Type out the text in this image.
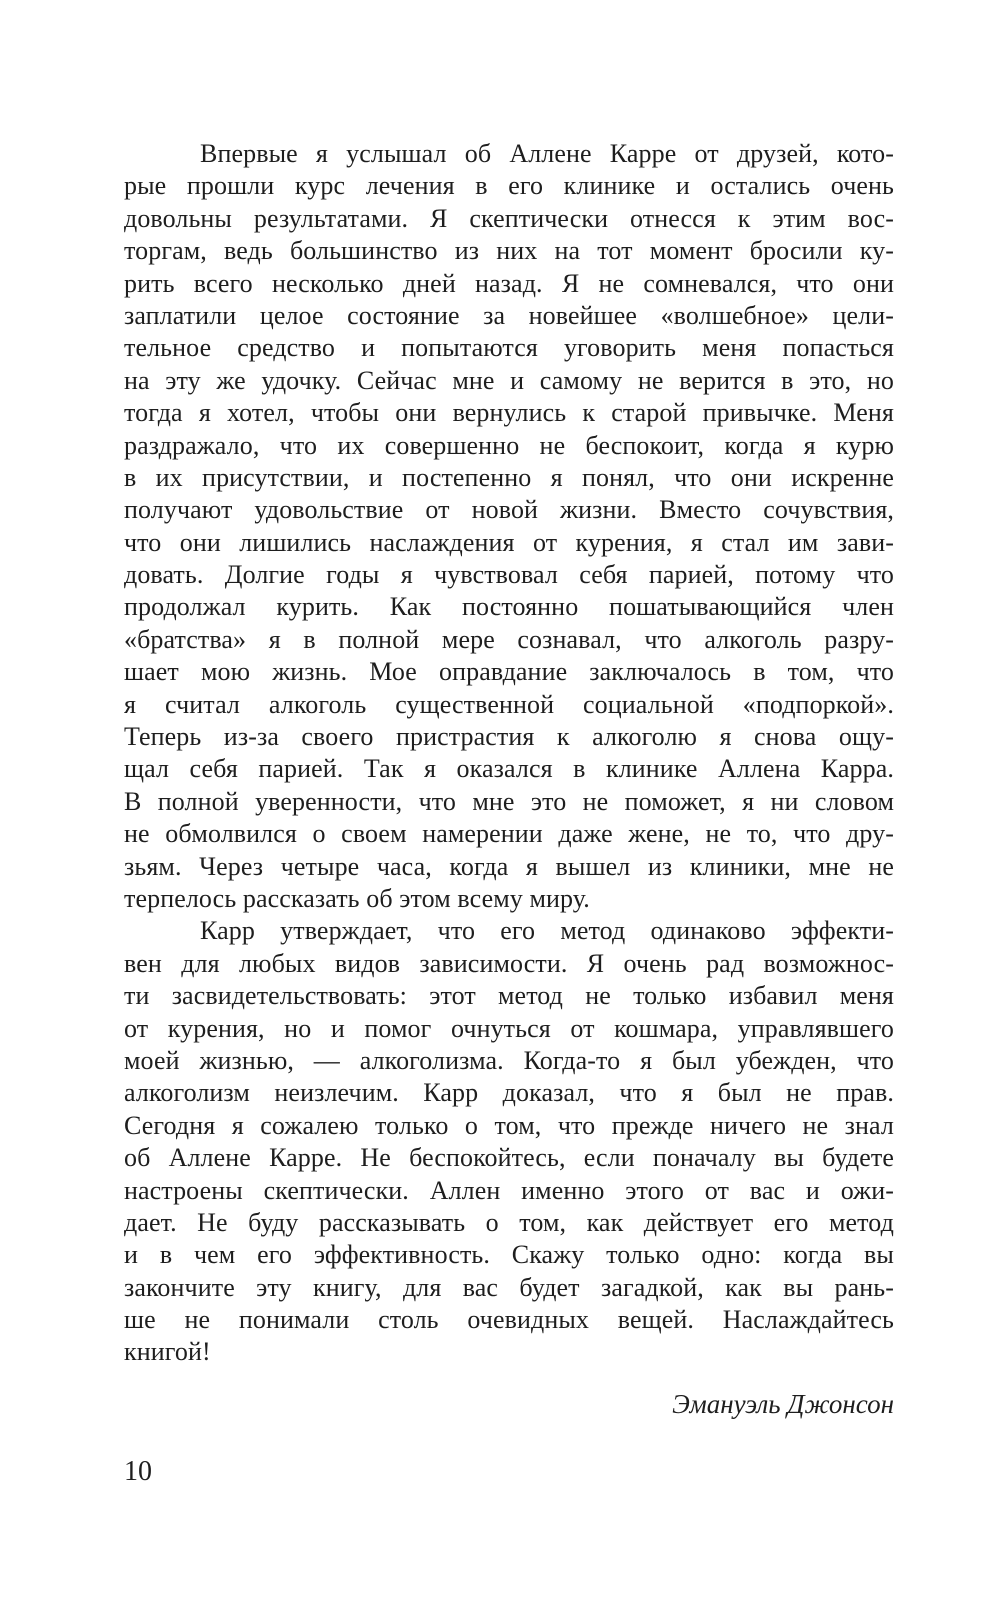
Впервые я услышал об Аллене Карре от друзей, кото-
рые прошли курс лечения в его клинике и остались очень
довольны результатами. Я скептически отнесся к этим вос-
торгам, ведь большинство из них на тот момент бросили ку-
рить всего несколько дней назад. Я не сомневался, что они
заплатили целое состояние за новейшее «волшебное» цели-
тельное средство и попытаются уговорить меня попасться
на эту же удочку. Сейчас мне и самому не верится в это, но
тогда я хотел, чтобы они вернулись к старой привычке. Меня
раздражало, что их совершенно не беспокоит, когда я курю
в их присутствии, и постепенно я понял, что они искренне
получают удовольствие от новой жизни. Вместо сочувствия,
что они лишились наслаждения от курения, я стал им зави-
довать. Долгие годы я чувствовал себя парией, потому что
продолжал курить. Как постоянно пошатывающийся член
«братства» я в полной мере сознавал, что алкоголь разру-
шает мою жизнь. Мое оправдание заключалось в том, что
я считал алкоголь существенной социальной «подпоркой».
Теперь из-за своего пристрастия к алкоголю я снова ощу-
щал себя парией. Так я оказался в клинике Аллена Карра.
В полной уверенности, что мне это не поможет, я ни словом
не обмолвился о своем намерении даже жене, не то, что дру-
зьям. Через четыре часа, когда я вышел из клиники, мне не
терпелось рассказать об этом всему миру.
Карр утверждает, что его метод одинаково эффекти-
вен для любых видов зависимости. Я очень рад возможнос-
ти засвидетельствовать: этот метод не только избавил меня
от курения, но и помог очнуться от кошмара, управлявшего
моей жизнью, — алкоголизма. Когда-то я был убежден, что
алкоголизм неизлечим. Карр доказал, что я был не прав.
Сегодня я сожалею только о том, что прежде ничего не знал
об Аллене Карре. Не беспокойтесь, если поначалу вы будете
настроены скептически. Аллен именно этого от вас и ожи-
дает. Не буду рассказывать о том, как действует его метод
и в чем его эффективность. Скажу только одно: когда вы
закончите эту книгу, для вас будет загадкой, как вы рань-
ше не понимали столь очевидных вещей. Наслаждайтесь
книгой!
Эмануэль Джонсон
10
